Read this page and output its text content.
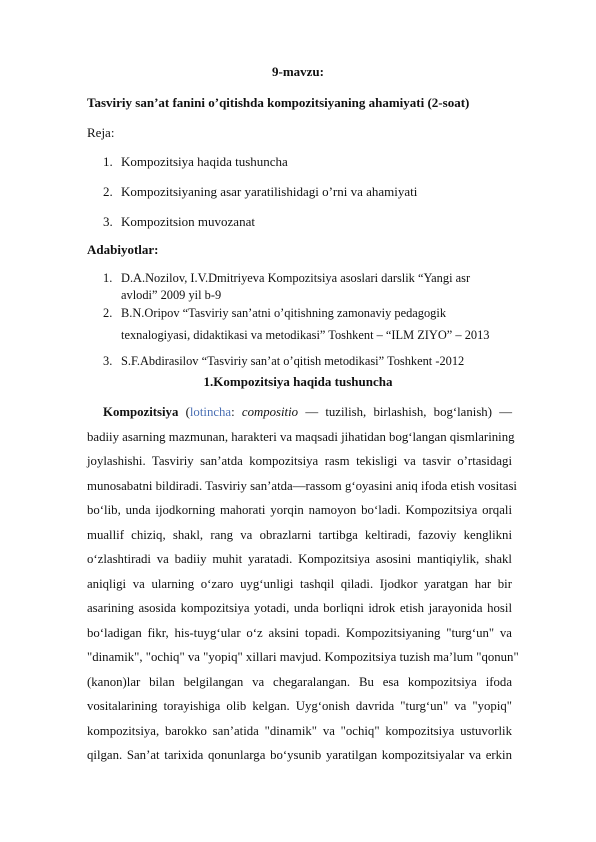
9-mavzu:
Tasviriy san’at fanini o’qitishda kompozitsiyaning ahamiyati (2-soat)
Reja:
1. Kompozitsiya haqida tushuncha
2. Kompozitsiyaning asar yaratilishidagi o’rni va ahamiyati
3. Kompozitsion muvozanat
Adabiyotlar:
1. D.A.Nozilov, I.V.Dmitriyeva Kompozitsiya asoslari darslik “Yangi asr

avlodi” 2009 yil b-9
2. B.N.Oripov “Tasviriy san’atni o’qitishning zamonaviy pedagogik
texnalogiyasi, didaktikasi va metodikasi” Toshkent – “ILM ZIYO” – 2013
3. S.F.Abdirasilov “Tasviriy san’at o’qitish metodikasi” Toshkent -2012
1.Kompozitsiya haqida tushuncha
Kompozitsiya (lotincha: compositio — tuzilish, birlashish, bog‘lanish) —
badiiy asarning mazmunan, harakteri va maqsadi jihatidan bog‘langan qismlarining
joylashishi. Tasviriy san’atda kompozitsiya rasm tekisligi va tasvir o’rtasidagi
munosabatni bildiradi. Tasviriy san’atda—rassom g‘oyasini aniq ifoda etish vositasi
bo‘lib, unda ijodkorning mahorati yorqin namoyon bo‘ladi. Kompozitsiya orqali
muallif chiziq, shakl, rang va obrazlarni tartibga keltiradi, fazoviy kenglikni
o‘zlashtiradi va badiiy muhit yaratadi. Kompozitsiya asosini mantiqiylik, shakl
aniqligi va ularning o‘zaro uyg‘unligi tashqil qiladi. Ijodkor yaratgan har bir
asarining asosida kompozitsiya yotadi, unda borliqni idrok etish jarayonida hosil
bo‘ladigan fikr, his-tuyg‘ular o‘z aksini topadi. Kompozitsiyaning "turg‘un" va
"dinamik", "ochiq" va "yopiq" xillari mavjud. Kompozitsiya tuzish ma’lum "qonun"
(kanon)lar bilan belgilangan va chegaralangan. Bu esa kompozitsiya ifoda
vositalarining torayishiga olib kelgan. Uyg‘onish davrida "turg‘un" va "yopiq"
kompozitsiya, barokko san’atida "dinamik" va "ochiq" kompozitsiya ustuvorlik
qilgan. San’at tarixida qonunlarga bo‘ysunib yaratilgan kompozitsiyalar va erkin
